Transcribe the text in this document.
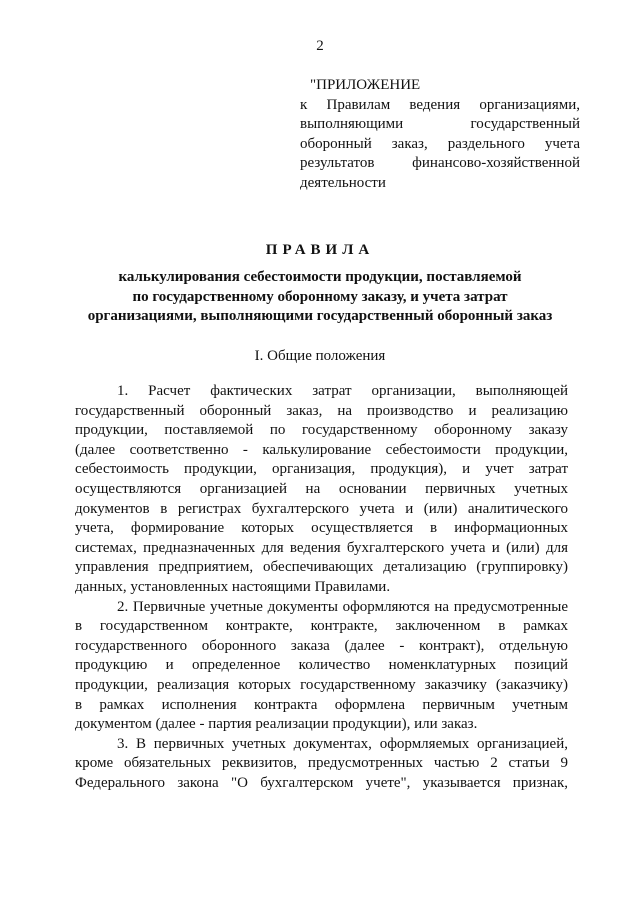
2
"ПРИЛОЖЕНИЕ
к Правилам ведения организациями,
выполняющими государственный
оборонный заказ, раздельного учета
результатов финансово-хозяйственной
деятельности
ПРАВИЛА
калькулирования себестоимости продукции, поставляемой
по государственному оборонному заказу, и учета затрат
организациями, выполняющими государственный оборонный заказ
I. Общие положения
1. Расчет фактических затрат организации, выполняющей
государственный оборонный заказ, на производство и реализацию
продукции, поставляемой по государственному оборонному заказу
(далее соответственно - калькулирование себестоимости продукции,
себестоимость продукции, организация, продукция), и учет затрат
осуществляются организацией на основании первичных учетных
документов в регистрах бухгалтерского учета и (или) аналитического
учета, формирование которых осуществляется в информационных
системах, предназначенных для ведения бухгалтерского учета и (или) для
управления предприятием, обеспечивающих детализацию (группировку)
данных, установленных настоящими Правилами.
2. Первичные учетные документы оформляются на предусмотренные
в государственном контракте, контракте, заключенном в рамках
государственного оборонного заказа (далее - контракт), отдельную
продукцию и определенное количество номенклатурных позиций
продукции, реализация которых государственному заказчику (заказчику)
в рамках исполнения контракта оформлена первичным учетным
документом (далее - партия реализации продукции), или заказ.
3. В первичных учетных документах, оформляемых организацией,
кроме обязательных реквизитов, предусмотренных частью 2 статьи 9
Федерального закона "О бухгалтерском учете", указывается признак,
